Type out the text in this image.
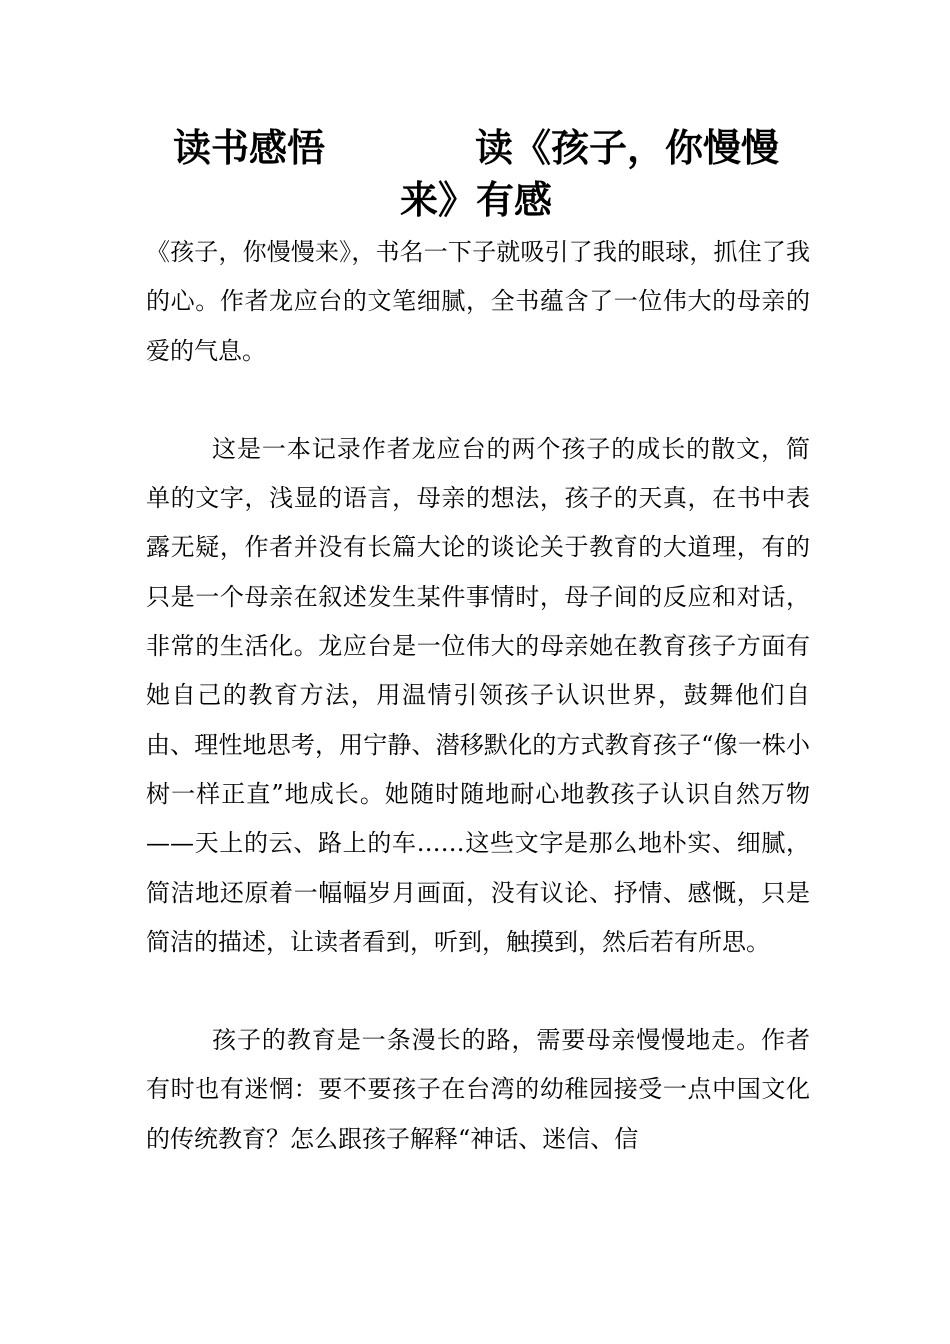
读书感悟	读《孩子，你慢慢来》有感

《孩子，你慢慢来》，书名一下子就吸引了我的眼球，抓住了我的心。作者龙应台的文笔细腻，全书蕴含了一位伟大的母亲的爱的气息。

这是一本记录作者龙应台的两个孩子的成长的散文，简单的文字，浅显的语言，母亲的想法，孩子的天真，在书中表露无疑，作者并没有长篇大论的谈论关于教育的大道理，有的只是一个母亲在叙述发生某件事情时，母子间的反应和对话，非常的生活化。龙应台是一位伟大的母亲她在教育孩子方面有她自己的教育方法，用温情引领孩子认识世界，鼓舞他们自由、理性地思考，用宁静、潜移默化的方式教育孩子“像一株小树一样正直”地成长。她随时随地耐心地教孩子认识自然万物——天上的云、路上的车……这些文字是那么地朴实、细腻，简洁地还原着一幅幅岁月画面，没有议论、抒情、感慨，只是简洁的描述，让读者看到，听到，触摸到，然后若有所思。

孩子的教育是一条漫长的路，需要母亲慢慢地走。作者有时也有迷惘：要不要孩子在台湾的幼稚园接受一点中国文化的传统教育？怎么跟孩子解释“神话、迷信、信
